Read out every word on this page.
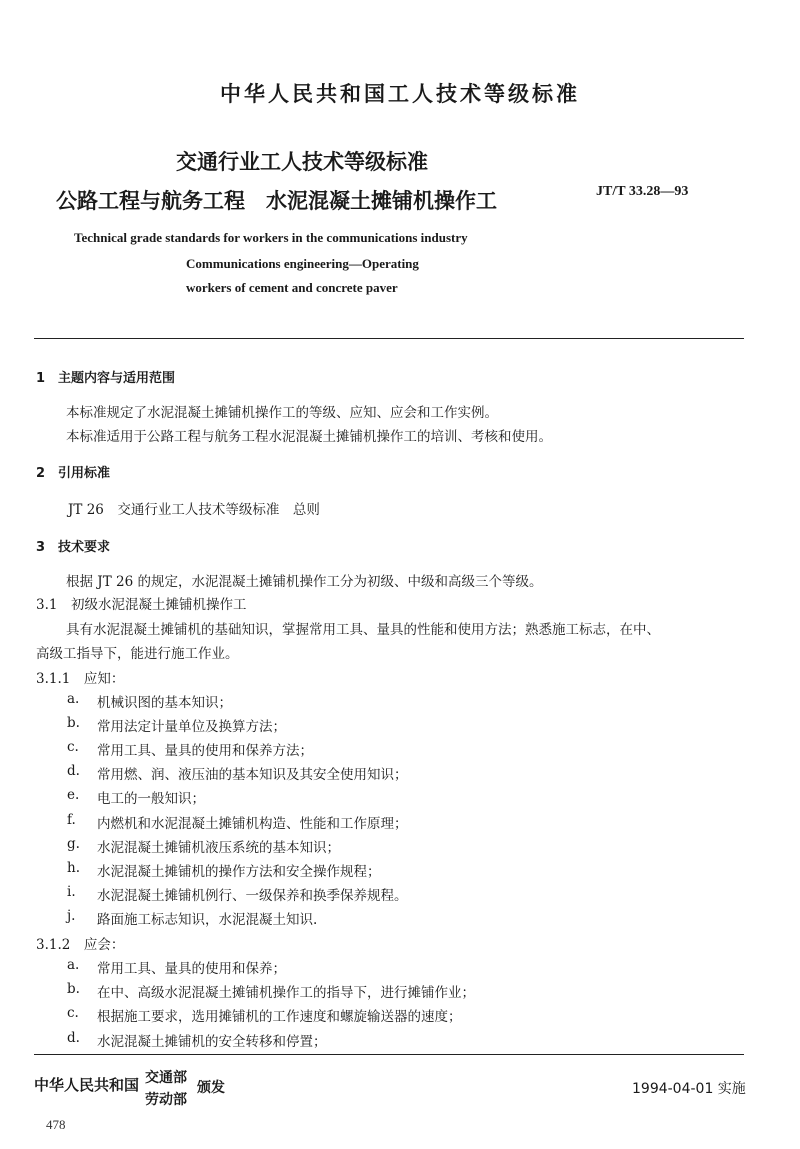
中华人民共和国工人技术等级标准
交通行业工人技术等级标准
公路工程与航务工程　水泥混凝土摊铺机操作工	JT/T 33.28—93
Technical grade standards for workers in the communications industry
Communications engineering—Operating
workers of cement and concrete paver
1　主题内容与适用范围
本标准规定了水泥混凝土摊铺机操作工的等级、应知、应会和工作实例。
本标准适用于公路工程与航务工程水泥混凝土摊铺机操作工的培训、考核和使用。
2　引用标准
JT 26　交通行业工人技术等级标准　总则
3　技术要求
根据 JT 26 的规定，水泥混凝土摊铺机操作工分为初级、中级和高级三个等级。
3.1　初级水泥混凝土摊铺机操作工
具有水泥混凝土摊铺机的基础知识，掌握常用工具、量具的性能和使用方法；熟悉施工标志，在中、
高级工指导下，能进行施工作业。
3.1.1　应知：
a. 机械识图的基本知识；
b. 常用法定计量单位及换算方法；
c. 常用工具、量具的使用和保养方法；
d. 常用燃、润、液压油的基本知识及其安全使用知识；
e. 电工的一般知识；
f. 内燃机和水泥混凝土摊铺机构造、性能和工作原理；
g. 水泥混凝土摊铺机液压系统的基本知识；
h. 水泥混凝土摊铺机的操作方法和安全操作规程；
i. 水泥混凝土摊铺机例行、一级保养和换季保养规程。
j. 路面施工标志知识，水泥混凝土知识.
3.1.2　应会：
a. 常用工具、量具的使用和保养；
b. 在中、高级水泥混凝土摊铺机操作工的指导下，进行摊铺作业；
c. 根据施工要求，选用摊铺机的工作速度和螺旋输送器的速度；
d. 水泥混凝土摊铺机的安全转移和停置；
中华人民共和国 交通部
劳动部
颁发	1994-04-01 实施
478
